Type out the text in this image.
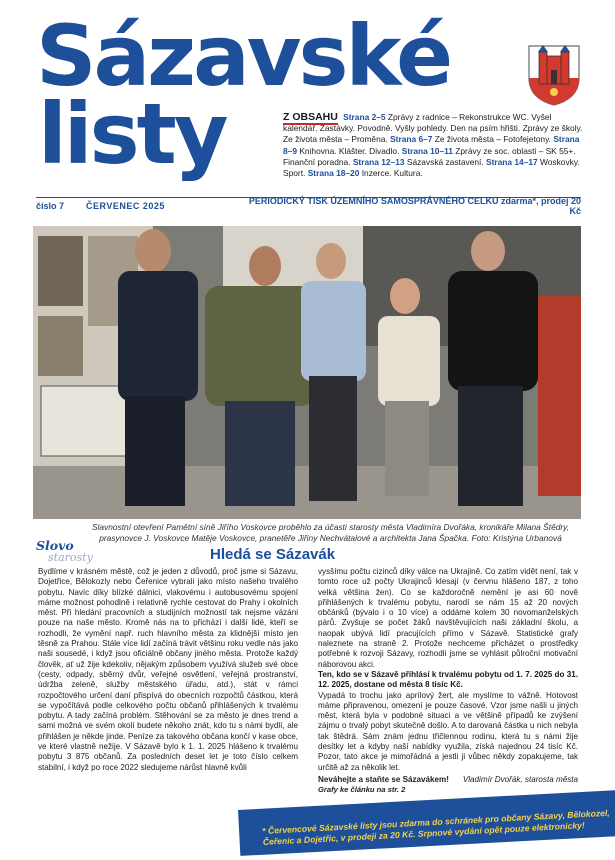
Sázavské
listy	Z OBSAHU Strana 2–5 Zprávy z radnice – Rekonstrukce WC. Vyšel kalendář. Zastávky. Povodně. Vyšly pohledy. Den na psím hřišti. Zprávy ze školy. Ze života města – Proměna. Strana 6–7 Ze života města – Fotofejetony. Strana 8–9 Knihovna. Klášter. Divadlo. Strana 10–11 Zprávy ze soc. oblasti – SK 55+. Finanční poradna. Strana 12–13 Sázavská zastavení. Strana 14–17 Woskovky. Sport. Strana 18–20 Inzerce. Kultura.
číslo 7	ČERVENEC 2025	PERIODICKÝ TISK ÚZEMNÍHO SAMOSPRÁVNÉHO CELKU zdarma*, prodej 20 Kč
Slavnostní otevření Pamětní síně Jiřího Voskovce proběhlo za účasti starosty města Vladimíra Dvořáka, kronikáře Milana Štědry, prasynovce J. Voskovce Matěje Voskovce, pranetěře Jiřiny Nechvátalové a architekta Jana Špačka. Foto: Kristýna Urbanová
Slovo
starosty	Hledá se Sázavák

Bydlíme v krásném městě, což je jeden z důvodů, proč jsme si Sázavu, Dojetřice, Bělokozly nebo Čeřenice vybrali jako místo našeho trvalého pobytu. Navíc díky blízké dálnici, vlakovému i autobusovému spojení máme možnost pohodlně i relativně rychle cestovat do Prahy i okolních měst. Při hledání pracovních a studijních možností tak nejsme vázáni pouze na naše město. Kromě nás na to přichází i další lidé, kteří se rozhodli, že vymění např. ruch hlavního města za klidnější místo jen těsně za Prahou. Stále více lidí začíná trávit většinu roku vedle nás jako naši sousedé, i když jsou oficiálně občany jiného města. Protože každý člověk, ať už žije kdekoliv, nějakým způsobem využívá služeb své obce (cesty, odpady, sběrný dvůr, veřejné osvětlení, veřejná prostranství, údržba zeleně, služby městského úřadu, atd.), stát v rámci rozpočtového určení daní přispívá do obecních rozpočtů částkou, která se vypočítává podle celkového počtu občanů přihlášených k trvalému pobytu. A tady začíná problém. Stěhování se za město je dnes trend a sami možná ve svém okolí budete někoho znát, kdo tu s námi bydlí, ale přihlášen je někde jinde. Peníze za takového občana končí v kase obce, ve které vlastně nežije. V Sázavě bylo k 1. 1. 2025 hlášeno k trvalému pobytu 3 875 občanů. Za posledních deset let je toto číslo celkem stabilní, i když po roce 2022 sledujeme nárůst hlavně kvůli

vysšímu počtu cizinců díky válce na Ukrajině. Co zatím vidět není, tak v tomto roce už počty Ukrajinců klesají (v červnu hlášeno 187, z toho velká většina žen). Co se každoročně nemění je asi 60 nově přihlášených k trvalému pobytu, narodí se nám 15 až 20 nových občánků (bývalo i o 10 více) a oddáme kolem 30 novomanželských párů. Zvyšuje se počet žáků navštěvujících naši základní školu, a naopak ubývá lidí pracujících přímo v Sázavě. Statistické grafy naleznete na straně 2. Protože nechceme přicházet o prostředky potřebné k rozvoji Sázavy, rozhodli jsme se vyhlásit půlroční motivační náborovou akci.

Ten, kdo se v Sázavě přihlásí k trvalému pobytu od 1. 7. 2025 do 31. 12. 2025, dostane od města 8 tisíc Kč.

Vypadá to trochu jako aprílový žert, ale myslíme to vážně. Hotovost máme připravenou, omezení je pouze časové. Vzor jsme našli u jiných měst, která byla v podobné situaci a ve většině případů ke zvýšení zájmu o trvalý pobyt skutečně došlo. A to darovaná částka u nich nebyla tak štědrá. Sám znám jednu třičlennou rodinu, která tu s námi žije desítky let a kdyby naší nabídky využila, získá najednou 24 tisíc Kč. Pozor, tato akce je mimořádná a jestli ji vůbec někdy zopakujeme, tak určitě až za několik let.

Neváhejte a staňte se Sázavákem! Vladimír Dvořák, starosta města
Grafy ke článku na str. 2
* Červencové Sázavské listy jsou zdarma do schránek pro občany Sázavy, Bělokozel, Čeřenic a Dojetřic, v prodeji za 20 Kč. Srpnové vydání opět pouze elektronicky!
